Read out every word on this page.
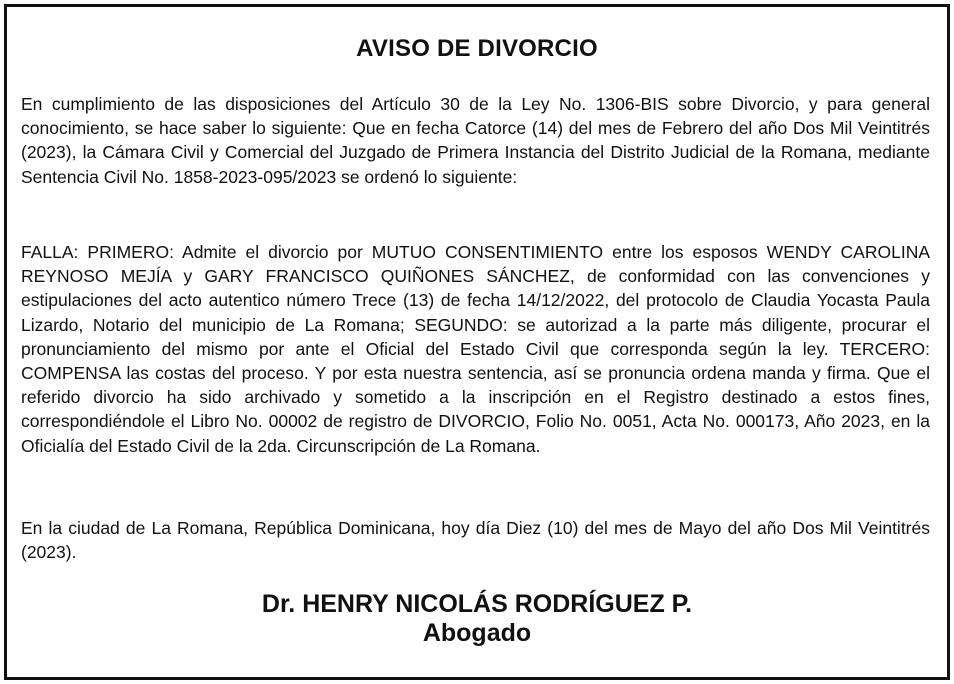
AVISO DE DIVORCIO

En cumplimiento de las disposiciones del Artículo 30 de la Ley No. 1306-BIS sobre Divorcio, y para general conocimiento, se hace saber lo siguiente: Que en fecha Catorce (14) del mes de Febrero del año Dos Mil Veintitrés (2023), la Cámara Civil y Comercial del Juzgado de Primera Instancia del Distrito Judicial de la Romana, mediante Sentencia Civil No. 1858-2023-095/2023 se ordenó lo siguiente:

FALLA: PRIMERO: Admite el divorcio por MUTUO CONSENTIMIENTO entre los esposos WENDY CAROLINA REYNOSO MEJÍA y GARY FRANCISCO QUIÑONES SÁNCHEZ, de conformidad con las convenciones y estipulaciones del acto autentico número Trece (13) de fecha 14/12/2022, del protocolo de Claudia Yocasta Paula Lizardo, Notario del municipio de La Romana; SEGUNDO: se autorizad a la parte más diligente, procurar el pronunciamiento del mismo por ante el Oficial del Estado Civil que corresponda según la ley. TERCERO: COMPENSA las costas del proceso. Y por esta nuestra sentencia, así se pronuncia ordena manda y firma. Que el referido divorcio ha sido archivado y sometido a la inscripción en el Registro destinado a estos fines, correspondiéndole el Libro No. 00002 de registro de DIVORCIO, Folio No. 0051, Acta No. 000173, Año 2023, en la Oficialía del Estado Civil de la 2da. Circunscripción de La Romana.

En la ciudad de La Romana, República Dominicana, hoy día Diez (10) del mes de Mayo del año Dos Mil Veintitrés (2023).

Dr. HENRY NICOLÁS RODRÍGUEZ P.
Abogado
